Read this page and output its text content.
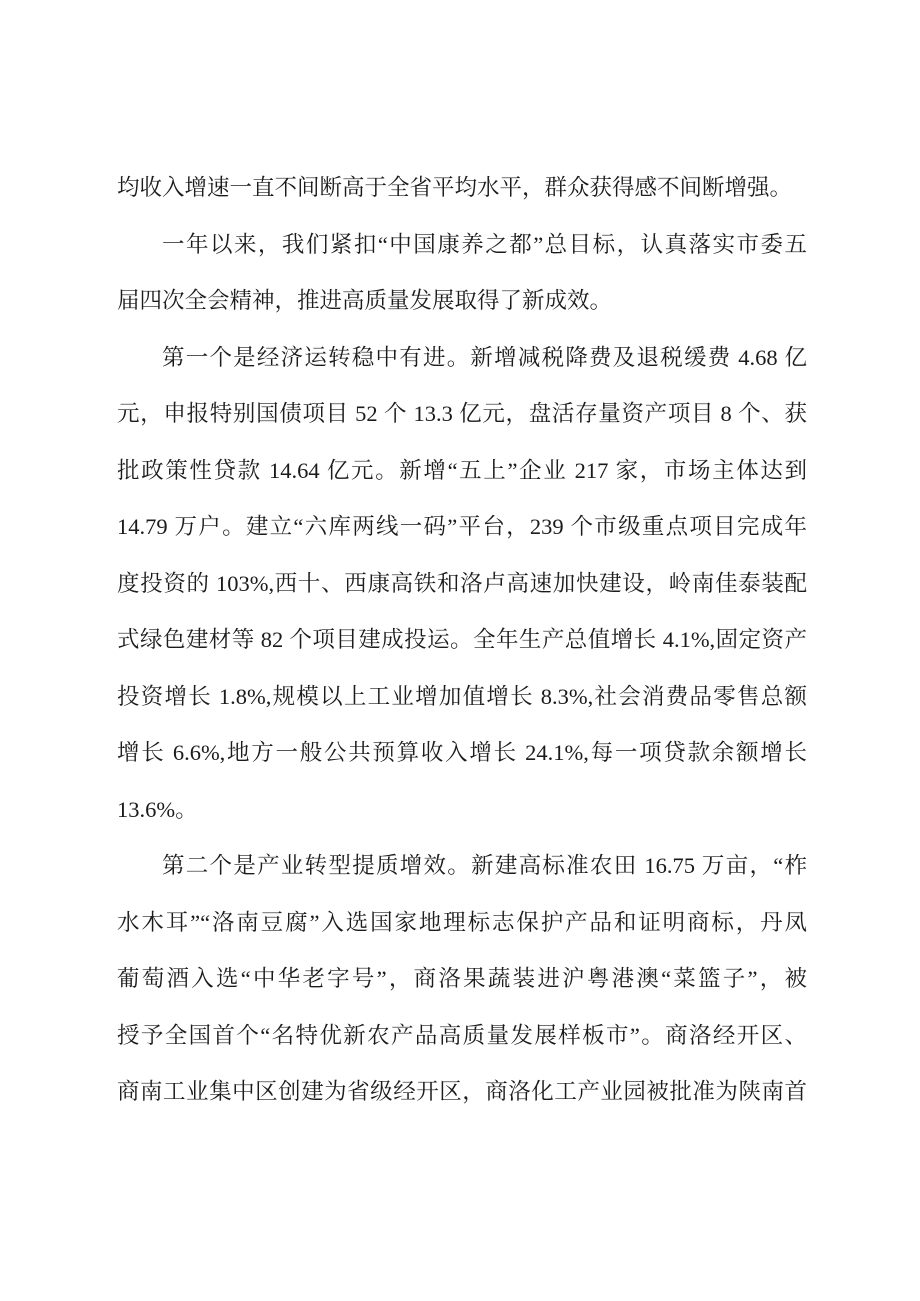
均收入增速一直不间断高于全省平均水平，群众获得感不间断增强。
一年以来，我们紧扣“中国康养之都”总目标，认真落实市委五
届四次全会精神，推进高质量发展取得了新成效。
第一个是经济运转稳中有进。新增减税降费及退税缓费 4.68 亿
元，申报特别国债项目 52 个 13.3 亿元，盘活存量资产项目 8 个、获
批政策性贷款 14.64 亿元。新增“五上”企业 217 家，市场主体达到
14.79 万户。建立“六库两线一码”平台，239 个市级重点项目完成年
度投资的 103%,西十、西康高铁和洛卢高速加快建设，岭南佳泰装配
式绿色建材等 82 个项目建成投运。全年生产总值增长 4.1%,固定资产
投资增长 1.8%,规模以上工业增加值增长 8.3%,社会消费品零售总额
增长 6.6%,地方一般公共预算收入增长 24.1%,每一项贷款余额增长
13.6%。
第二个是产业转型提质增效。新建高标准农田 16.75 万亩，“柞
水木耳”“洛南豆腐”入选国家地理标志保护产品和证明商标，丹凤
葡萄酒入选“中华老字号”，商洛果蔬装进沪粤港澳“菜篮子”，被
授予全国首个“名特优新农产品高质量发展样板市”。商洛经开区、
商南工业集中区创建为省级经开区，商洛化工产业园被批准为陕南首
